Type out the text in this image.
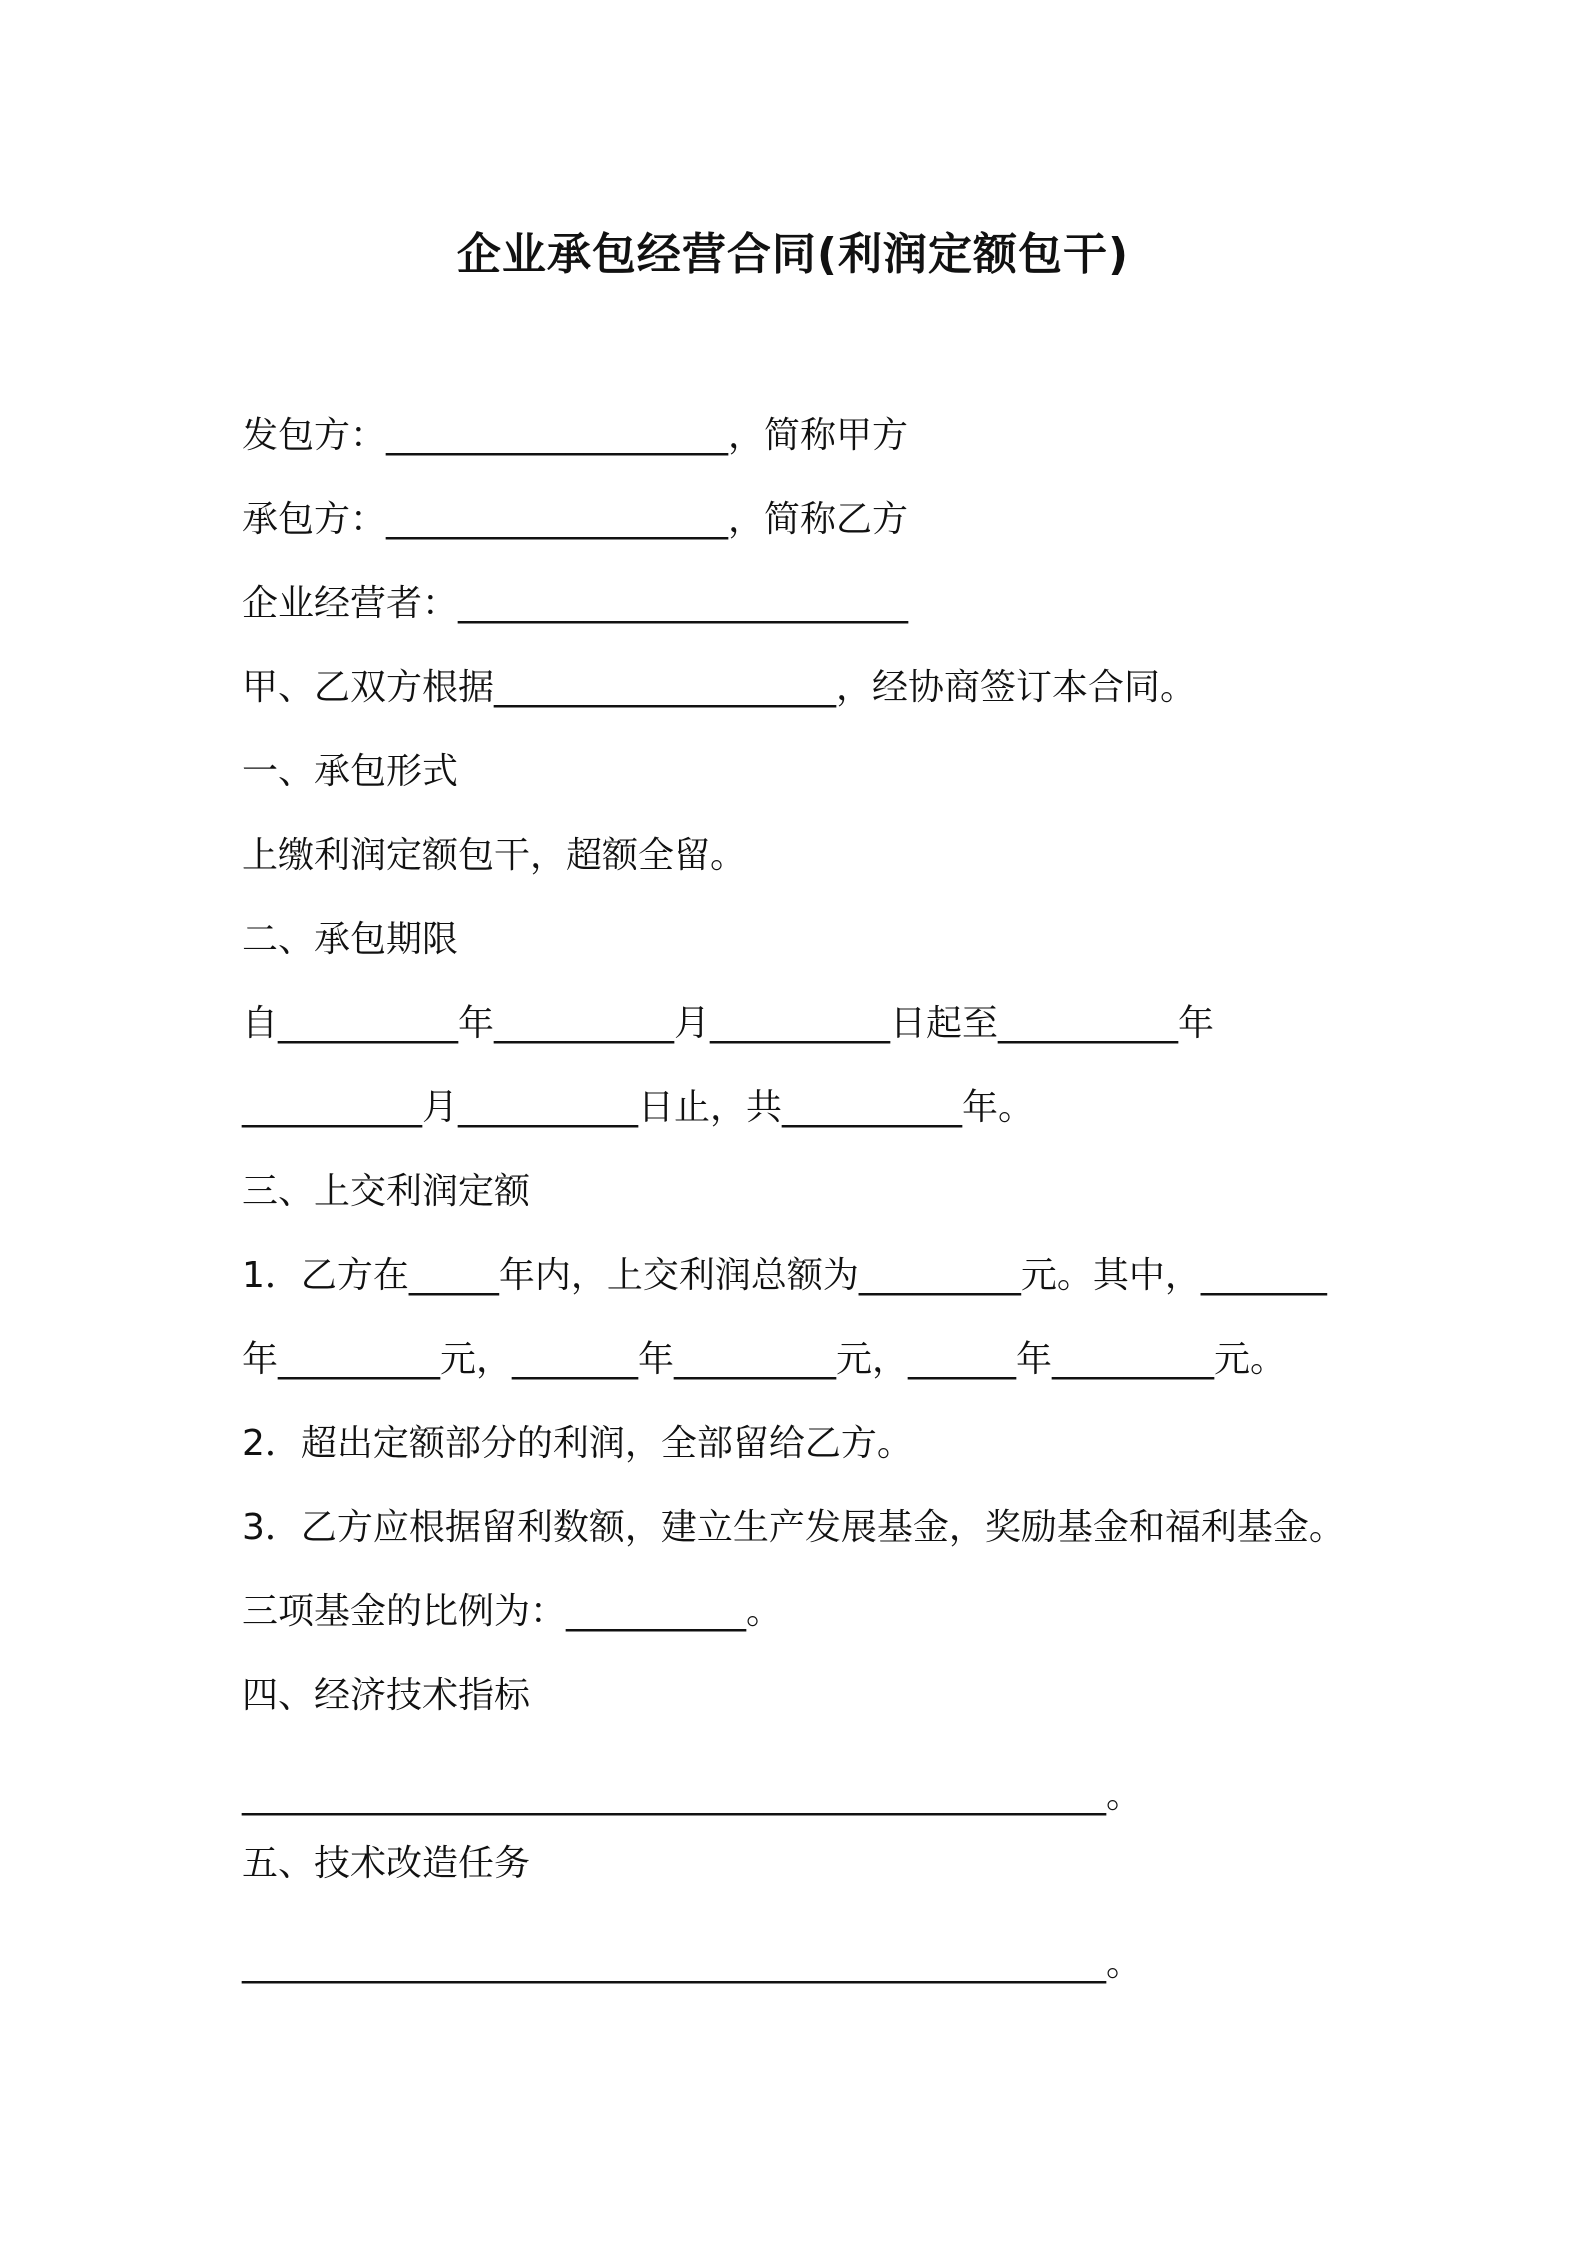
企业承包经营合同(利润定额包干)
发包方：___________________，简称甲方
承包方：___________________，简称乙方
企业经营者：_________________________
甲、乙双方根据___________________，经协商签订本合同。
一、承包形式
上缴利润定额包干，超额全留。
二、承包期限
自__________年__________月__________日起至__________年
__________月__________日止，共__________年。
三、上交利润定额
1．乙方在_____年内，上交利润总额为_________元。其中，_______
年_________元，_______年_________元，______年_________元。
2．超出定额部分的利润，全部留给乙方。
3．乙方应根据留利数额，建立生产发展基金，奖励基金和福利基金。
三项基金的比例为：__________。
四、经济技术指标
________________________________________________。
五、技术改造任务
________________________________________________。
